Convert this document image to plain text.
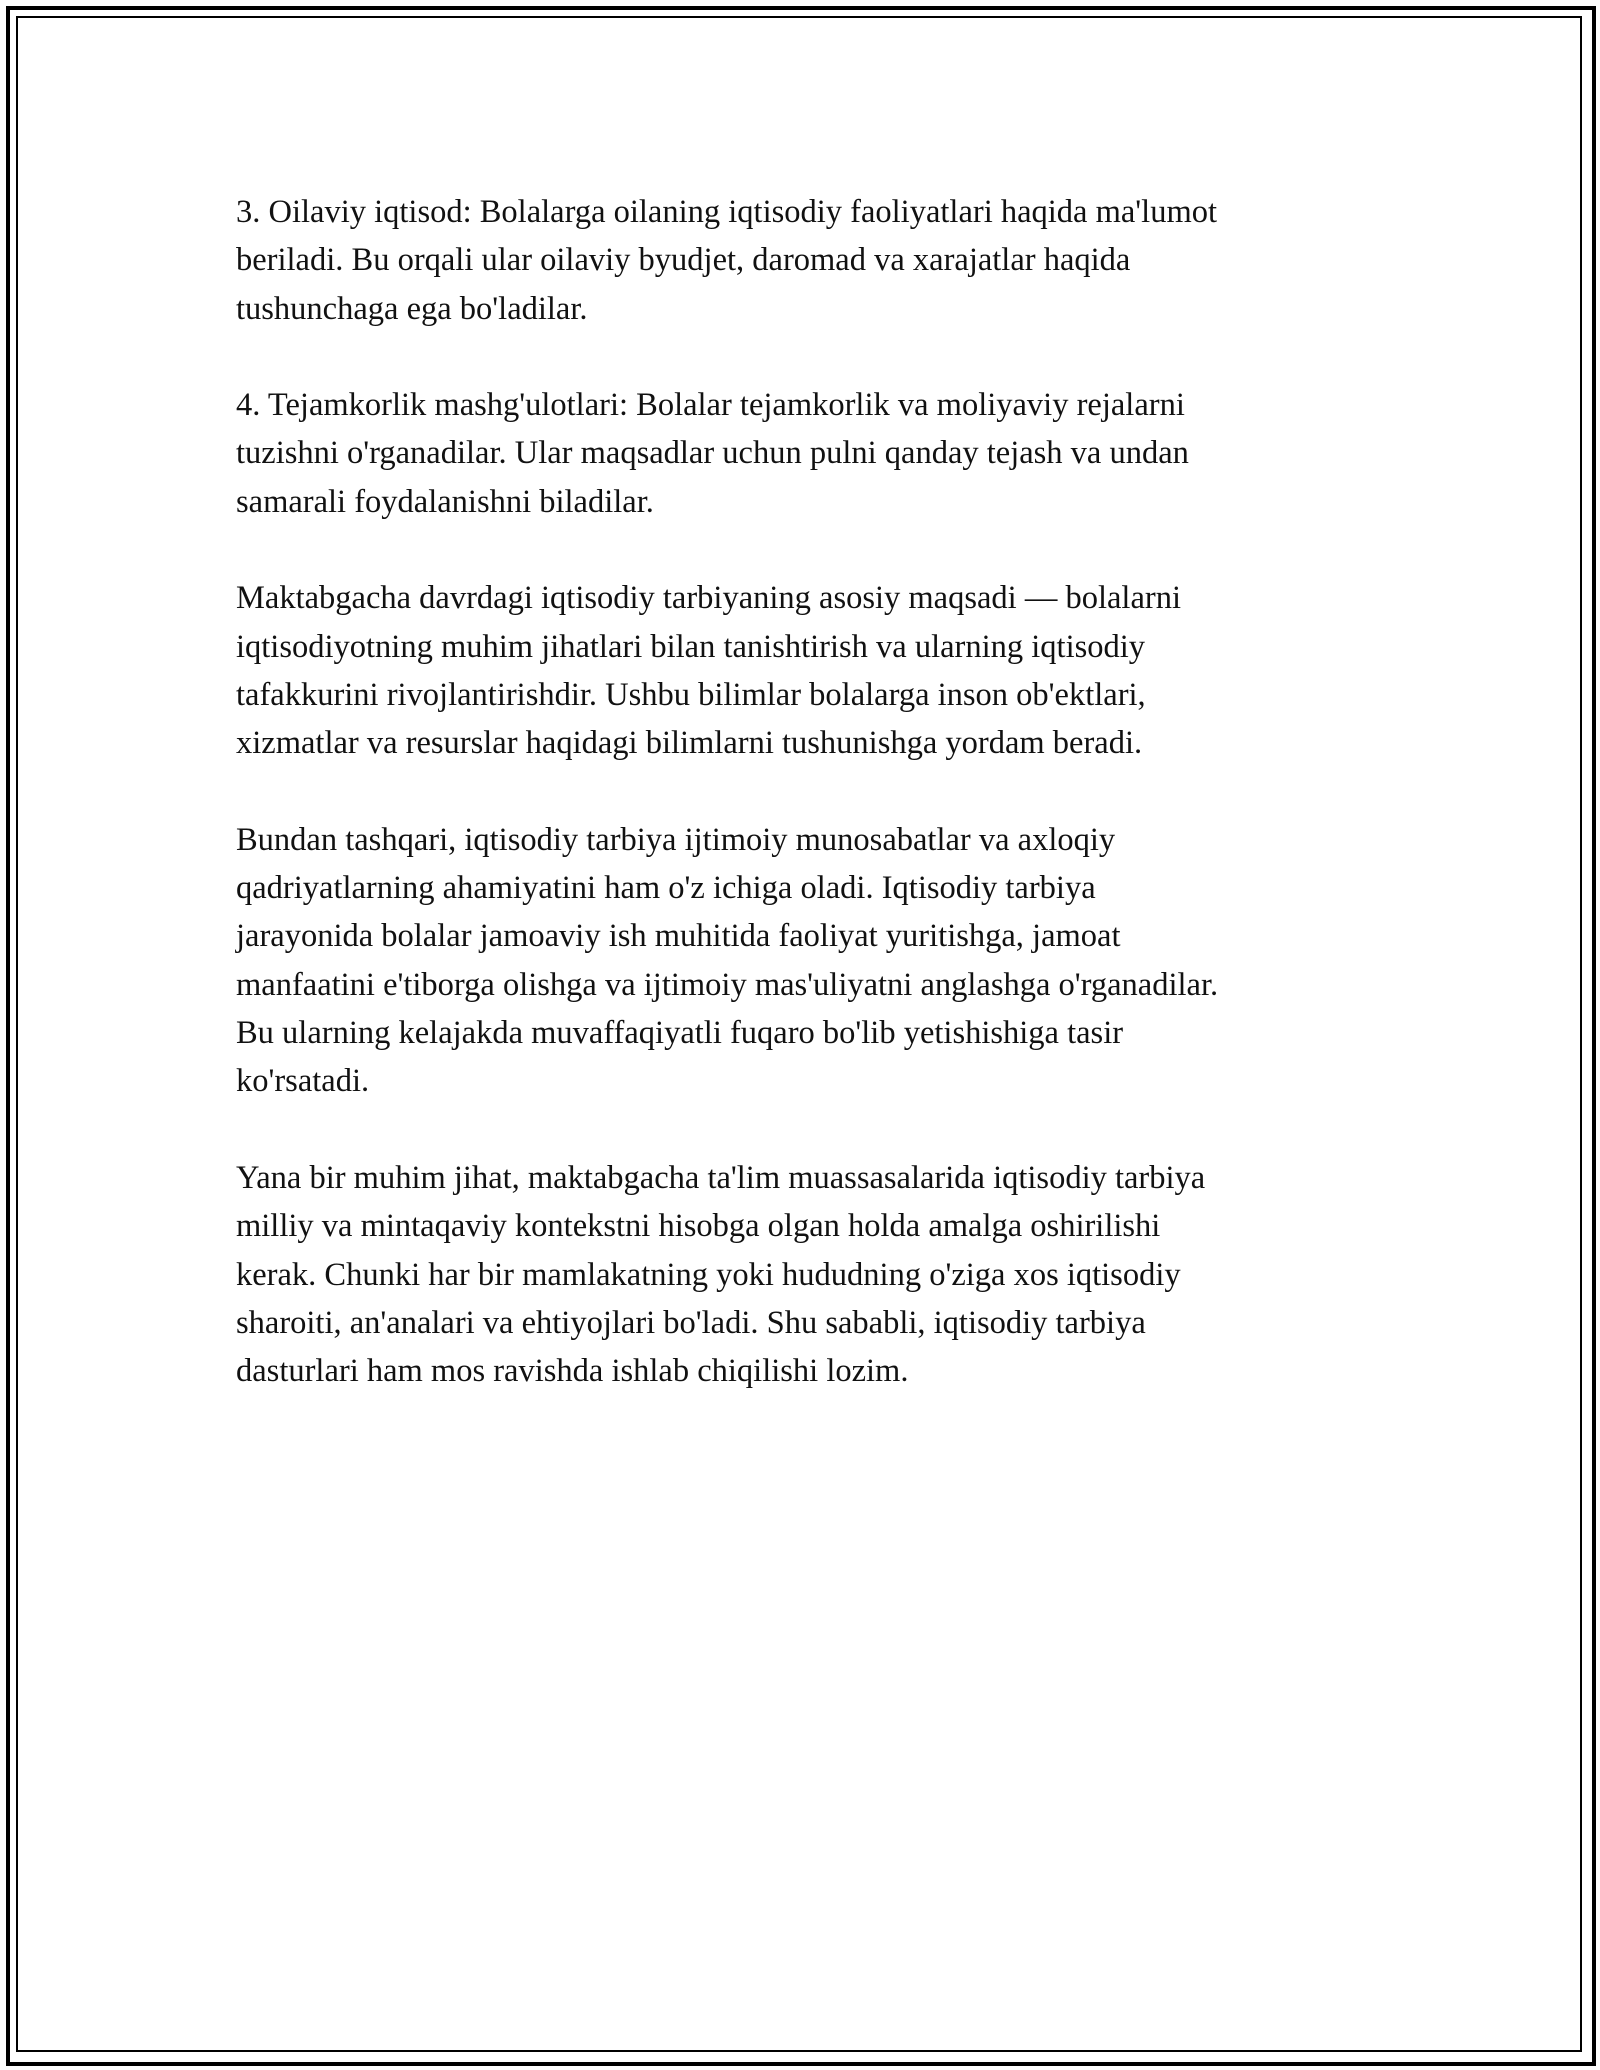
3. Oilaviy iqtisod: Bolalarga oilaning iqtisodiy faoliyatlari haqida ma'lumot
beriladi. Bu orqali ular oilaviy byudjet, daromad va xarajatlar haqida
tushunchaga ega bo'ladilar.

4. Tejamkorlik mashg'ulotlari: Bolalar tejamkorlik va moliyaviy rejalarni
tuzishni o'rganadilar. Ular maqsadlar uchun pulni qanday tejash va undan
samarali foydalanishni biladilar.

Maktabgacha davrdagi iqtisodiy tarbiyaning asosiy maqsadi — bolalarni
iqtisodiyotning muhim jihatlari bilan tanishtirish va ularning iqtisodiy
tafakkurini rivojlantirishdir. Ushbu bilimlar bolalarga inson ob'ektlari,
xizmatlar va resurslar haqidagi bilimlarni tushunishga yordam beradi.

Bundan tashqari, iqtisodiy tarbiya ijtimoiy munosabatlar va axloqiy
qadriyatlarning ahamiyatini ham o'z ichiga oladi. Iqtisodiy tarbiya
jarayonida bolalar jamoaviy ish muhitida faoliyat yuritishga, jamoat
manfaatini e'tiborga olishga va ijtimoiy mas'uliyatni anglashga o'rganadilar.
Bu ularning kelajakda muvaffaqiyatli fuqaro bo'lib yetishishiga tasir
ko'rsatadi.

Yana bir muhim jihat, maktabgacha ta'lim muassasalarida iqtisodiy tarbiya
milliy va mintaqaviy kontekstni hisobga olgan holda amalga oshirilishi
kerak. Chunki har bir mamlakatning yoki hududning o'ziga xos iqtisodiy
sharoiti, an'analari va ehtiyojlari bo'ladi. Shu sababli, iqtisodiy tarbiya
dasturlari ham mos ravishda ishlab chiqilishi lozim.
